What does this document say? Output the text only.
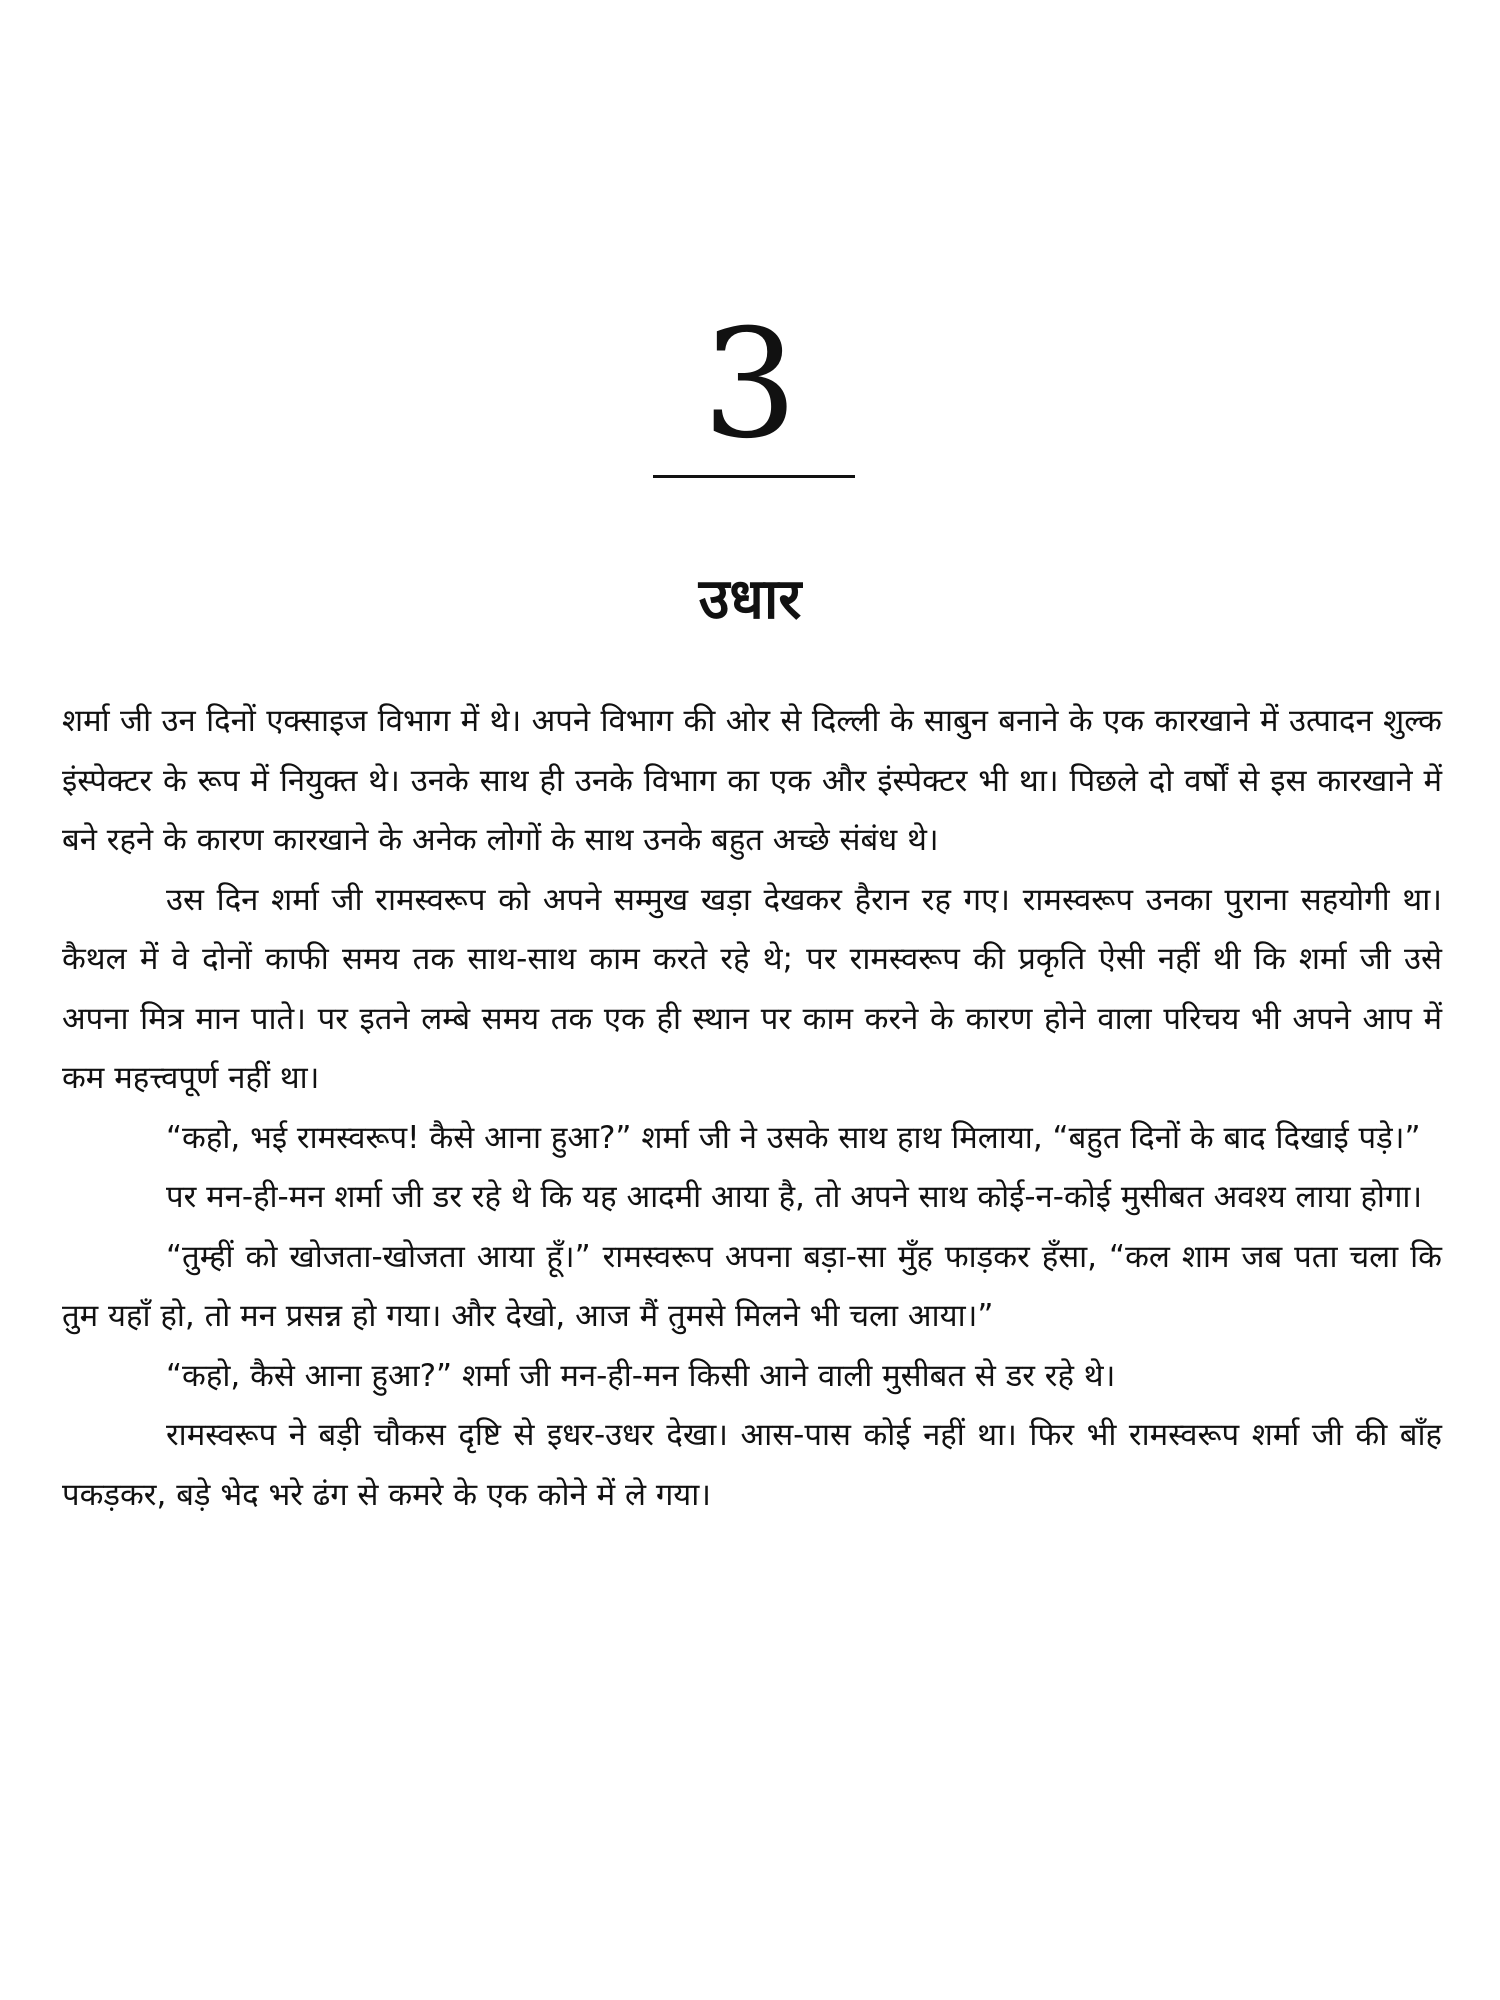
3
उधार

शर्मा जी उन दिनों एक्साइज विभाग में थे। अपने विभाग की ओर से दिल्ली के साबुन बनाने के एक कारखाने में उत्पादन शुल्क इंस्पेक्टर के रूप में नियुक्त थे। उनके साथ ही उनके विभाग का एक और इंस्पेक्टर भी था। पिछले दो वर्षों से इस कारखाने में बने रहने के कारण कारखाने के अनेक लोगों के साथ उनके बहुत अच्छे संबंध थे।

उस दिन शर्मा जी रामस्वरूप को अपने सम्मुख खड़ा देखकर हैरान रह गए। रामस्वरूप उनका पुराना सहयोगी था। कैथल में वे दोनों काफी समय तक साथ-साथ काम करते रहे थे; पर रामस्वरूप की प्रकृति ऐसी नहीं थी कि शर्मा जी उसे अपना मित्र मान पाते। पर इतने लम्बे समय तक एक ही स्थान पर काम करने के कारण होने वाला परिचय भी अपने आप में कम महत्त्वपूर्ण नहीं था।

“कहो, भई रामस्वरूप! कैसे आना हुआ?” शर्मा जी ने उसके साथ हाथ मिलाया, “बहुत दिनों के बाद दिखाई पड़े।”

पर मन-ही-मन शर्मा जी डर रहे थे कि यह आदमी आया है, तो अपने साथ कोई-न-कोई मुसीबत अवश्य लाया होगा।

“तुम्हीं को खोजता-खोजता आया हूँ।” रामस्वरूप अपना बड़ा-सा मुँह फाड़कर हँसा, “कल शाम जब पता चला कि तुम यहाँ हो, तो मन प्रसन्न हो गया। और देखो, आज मैं तुमसे मिलने भी चला आया।”

“कहो, कैसे आना हुआ?” शर्मा जी मन-ही-मन किसी आने वाली मुसीबत से डर रहे थे।

रामस्वरूप ने बड़ी चौकस दृष्टि से इधर-उधर देखा। आस-पास कोई नहीं था। फिर भी रामस्वरूप शर्मा जी की बाँह पकड़कर, बड़े भेद भरे ढंग से कमरे के एक कोने में ले गया।
